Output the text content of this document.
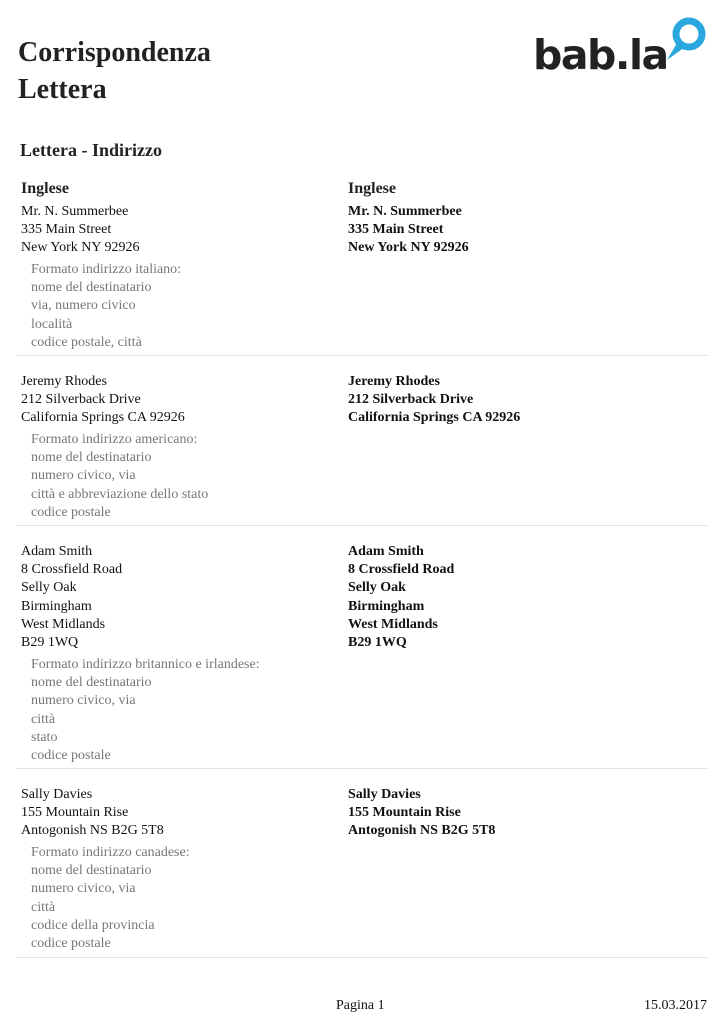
Corrispondenza
Lettera
bab.la
Lettera - Indirizzo
Inglese	Inglese
Mr. N. Summerbee
335 Main Street
New York NY 92926
Mr. N. Summerbee
335 Main Street
New York NY 92926
Formato indirizzo italiano:
nome del destinatario
via, numero civico
località
codice postale, città
Jeremy Rhodes
212 Silverback Drive
California Springs CA 92926
Jeremy Rhodes
212 Silverback Drive
California Springs CA 92926
Formato indirizzo americano:
nome del destinatario
numero civico, via
città e abbreviazione dello stato
codice postale
Adam Smith
8 Crossfield Road
Selly Oak
Birmingham
West Midlands
B29 1WQ
Adam Smith
8 Crossfield Road
Selly Oak
Birmingham
West Midlands
B29 1WQ
Formato indirizzo britannico e irlandese:
nome del destinatario
numero civico, via
città
stato
codice postale
Sally Davies
155 Mountain Rise
Antogonish NS B2G 5T8
Sally Davies
155 Mountain Rise
Antogonish NS B2G 5T8
Formato indirizzo canadese:
nome del destinatario
numero civico, via
città
codice della provincia
codice postale
Pagina 1	15.03.2017
